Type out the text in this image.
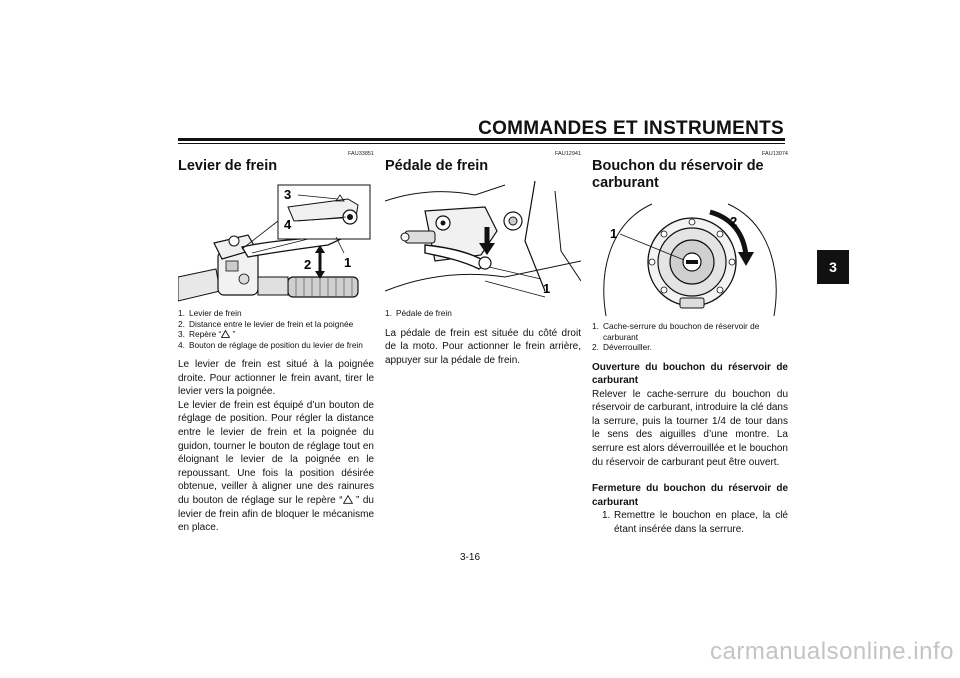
COMMANDES ET INSTRUMENTS
3
FAU33851
Levier de frein
3
4
1
2
1. Levier de frein
2. Distance entre le levier de frein et la poignée
3. Repère “ ”
4. Bouton de réglage de position du levier de frein

Le levier de frein est situé à la poignée droite. Pour actionner le frein avant, tirer le levier vers la poignée.

Le levier de frein est équipé d’un bouton de réglage de position. Pour régler la distance entre le levier de frein et la poignée du guidon, tourner le bouton de réglage tout en éloignant le levier de la poignée en le repoussant. Une fois la position désirée obtenue, veiller à aligner une des rainures du bouton de réglage sur le repère “ ” du levier de frein afin de bloquer le mécanisme en place.

FAU12941
Pédale de frein
1
1. Pédale de frein

La pédale de frein est située du côté droit de la moto. Pour actionner le frein arrière, appuyer sur la pédale de frein.

FAU13074
Bouchon du réservoir de carburant
1
2
1. Cache-serrure du bouchon de réservoir de carburant
2. Déverrouiller.

Ouverture du bouchon du réservoir de carburant

Relever le cache-serrure du bouchon du réservoir de carburant, introduire la clé dans la serrure, puis la tourner 1/4 de tour dans le sens des aiguilles d’une montre. La serrure est alors déverrouillée et le bouchon du réservoir de carburant peut être ouvert.

Fermeture du bouchon du réservoir de carburant

1. Remettre le bouchon en place, la clé étant insérée dans la serrure.
3-16
carmanualsonline.info
